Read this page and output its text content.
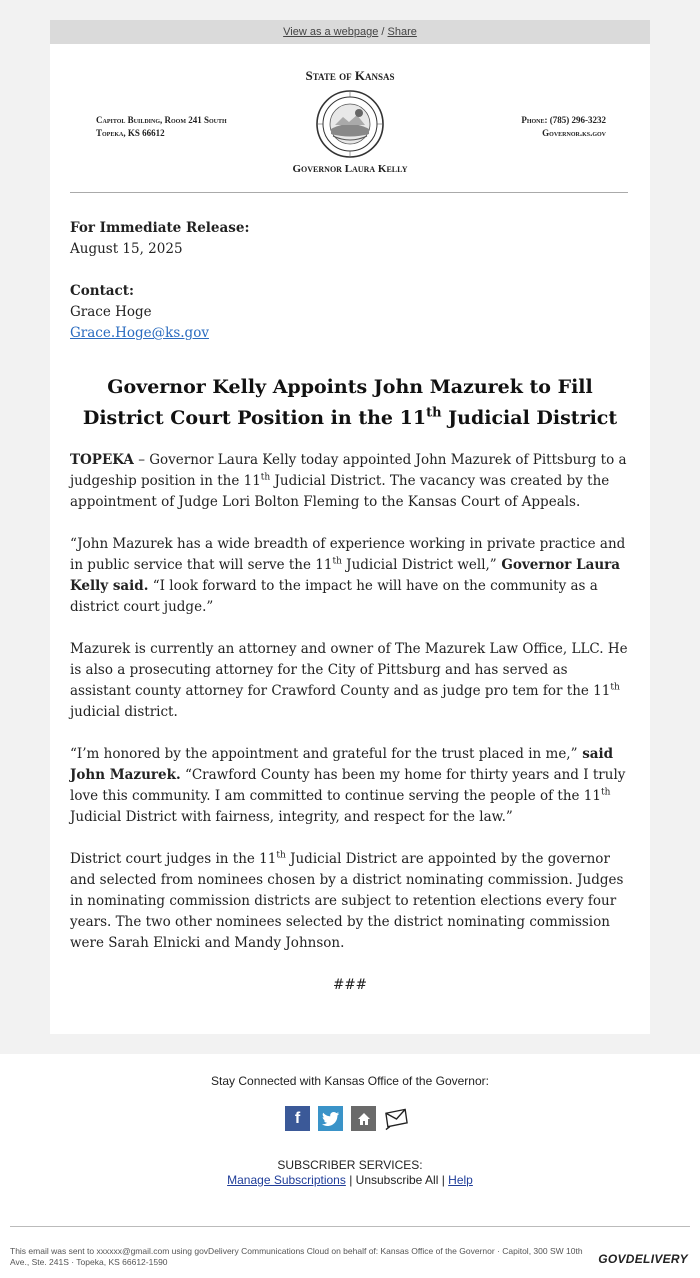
View as a webpage / Share
State of Kansas
Capitol Building, Room 241 South
Topeka, KS 66612
Phone: (785) 296-3232
Governor.ks.gov
Governor Laura Kelly

For Immediate Release:

August 15, 2025

Contact:

Grace Hoge

Grace.Hoge@ks.gov

Governor Kelly Appoints John Mazurek to Fill District Court Position in the 11th Judicial District

TOPEKA – Governor Laura Kelly today appointed John Mazurek of Pittsburg to a judgeship position in the 11th Judicial District. The vacancy was created by the appointment of Judge Lori Bolton Fleming to the Kansas Court of Appeals.

“John Mazurek has a wide breadth of experience working in private practice and in public service that will serve the 11th Judicial District well,” Governor Laura Kelly said. “I look forward to the impact he will have on the community as a district court judge.”

Mazurek is currently an attorney and owner of The Mazurek Law Office, LLC. He is also a prosecuting attorney for the City of Pittsburg and has served as assistant county attorney for Crawford County and as judge pro tem for the 11th judicial district.

“I’m honored by the appointment and grateful for the trust placed in me,” said John Mazurek. “Crawford County has been my home for thirty years and I truly love this community. I am committed to continue serving the people of the 11th Judicial District with fairness, integrity, and respect for the law.”

District court judges in the 11th Judicial District are appointed by the governor and selected from nominees chosen by a district nominating commission. Judges in nominating commission districts are subject to retention elections every four years. The two other nominees selected by the district nominating commission were Sarah Elnicki and Mandy Johnson.

###

Stay Connected with Kansas Office of the Governor:
f
SUBSCRIBER SERVICES:
Manage Subscriptions | Unsubscribe All | Help
This email was sent to xxxxxx@gmail.com using govDelivery Communications Cloud on behalf of: Kansas Office of the Governor · Capitol, 300 SW 10th Ave., Ste. 241S · Topeka, KS 66612-1590	GOVDELIVERY
